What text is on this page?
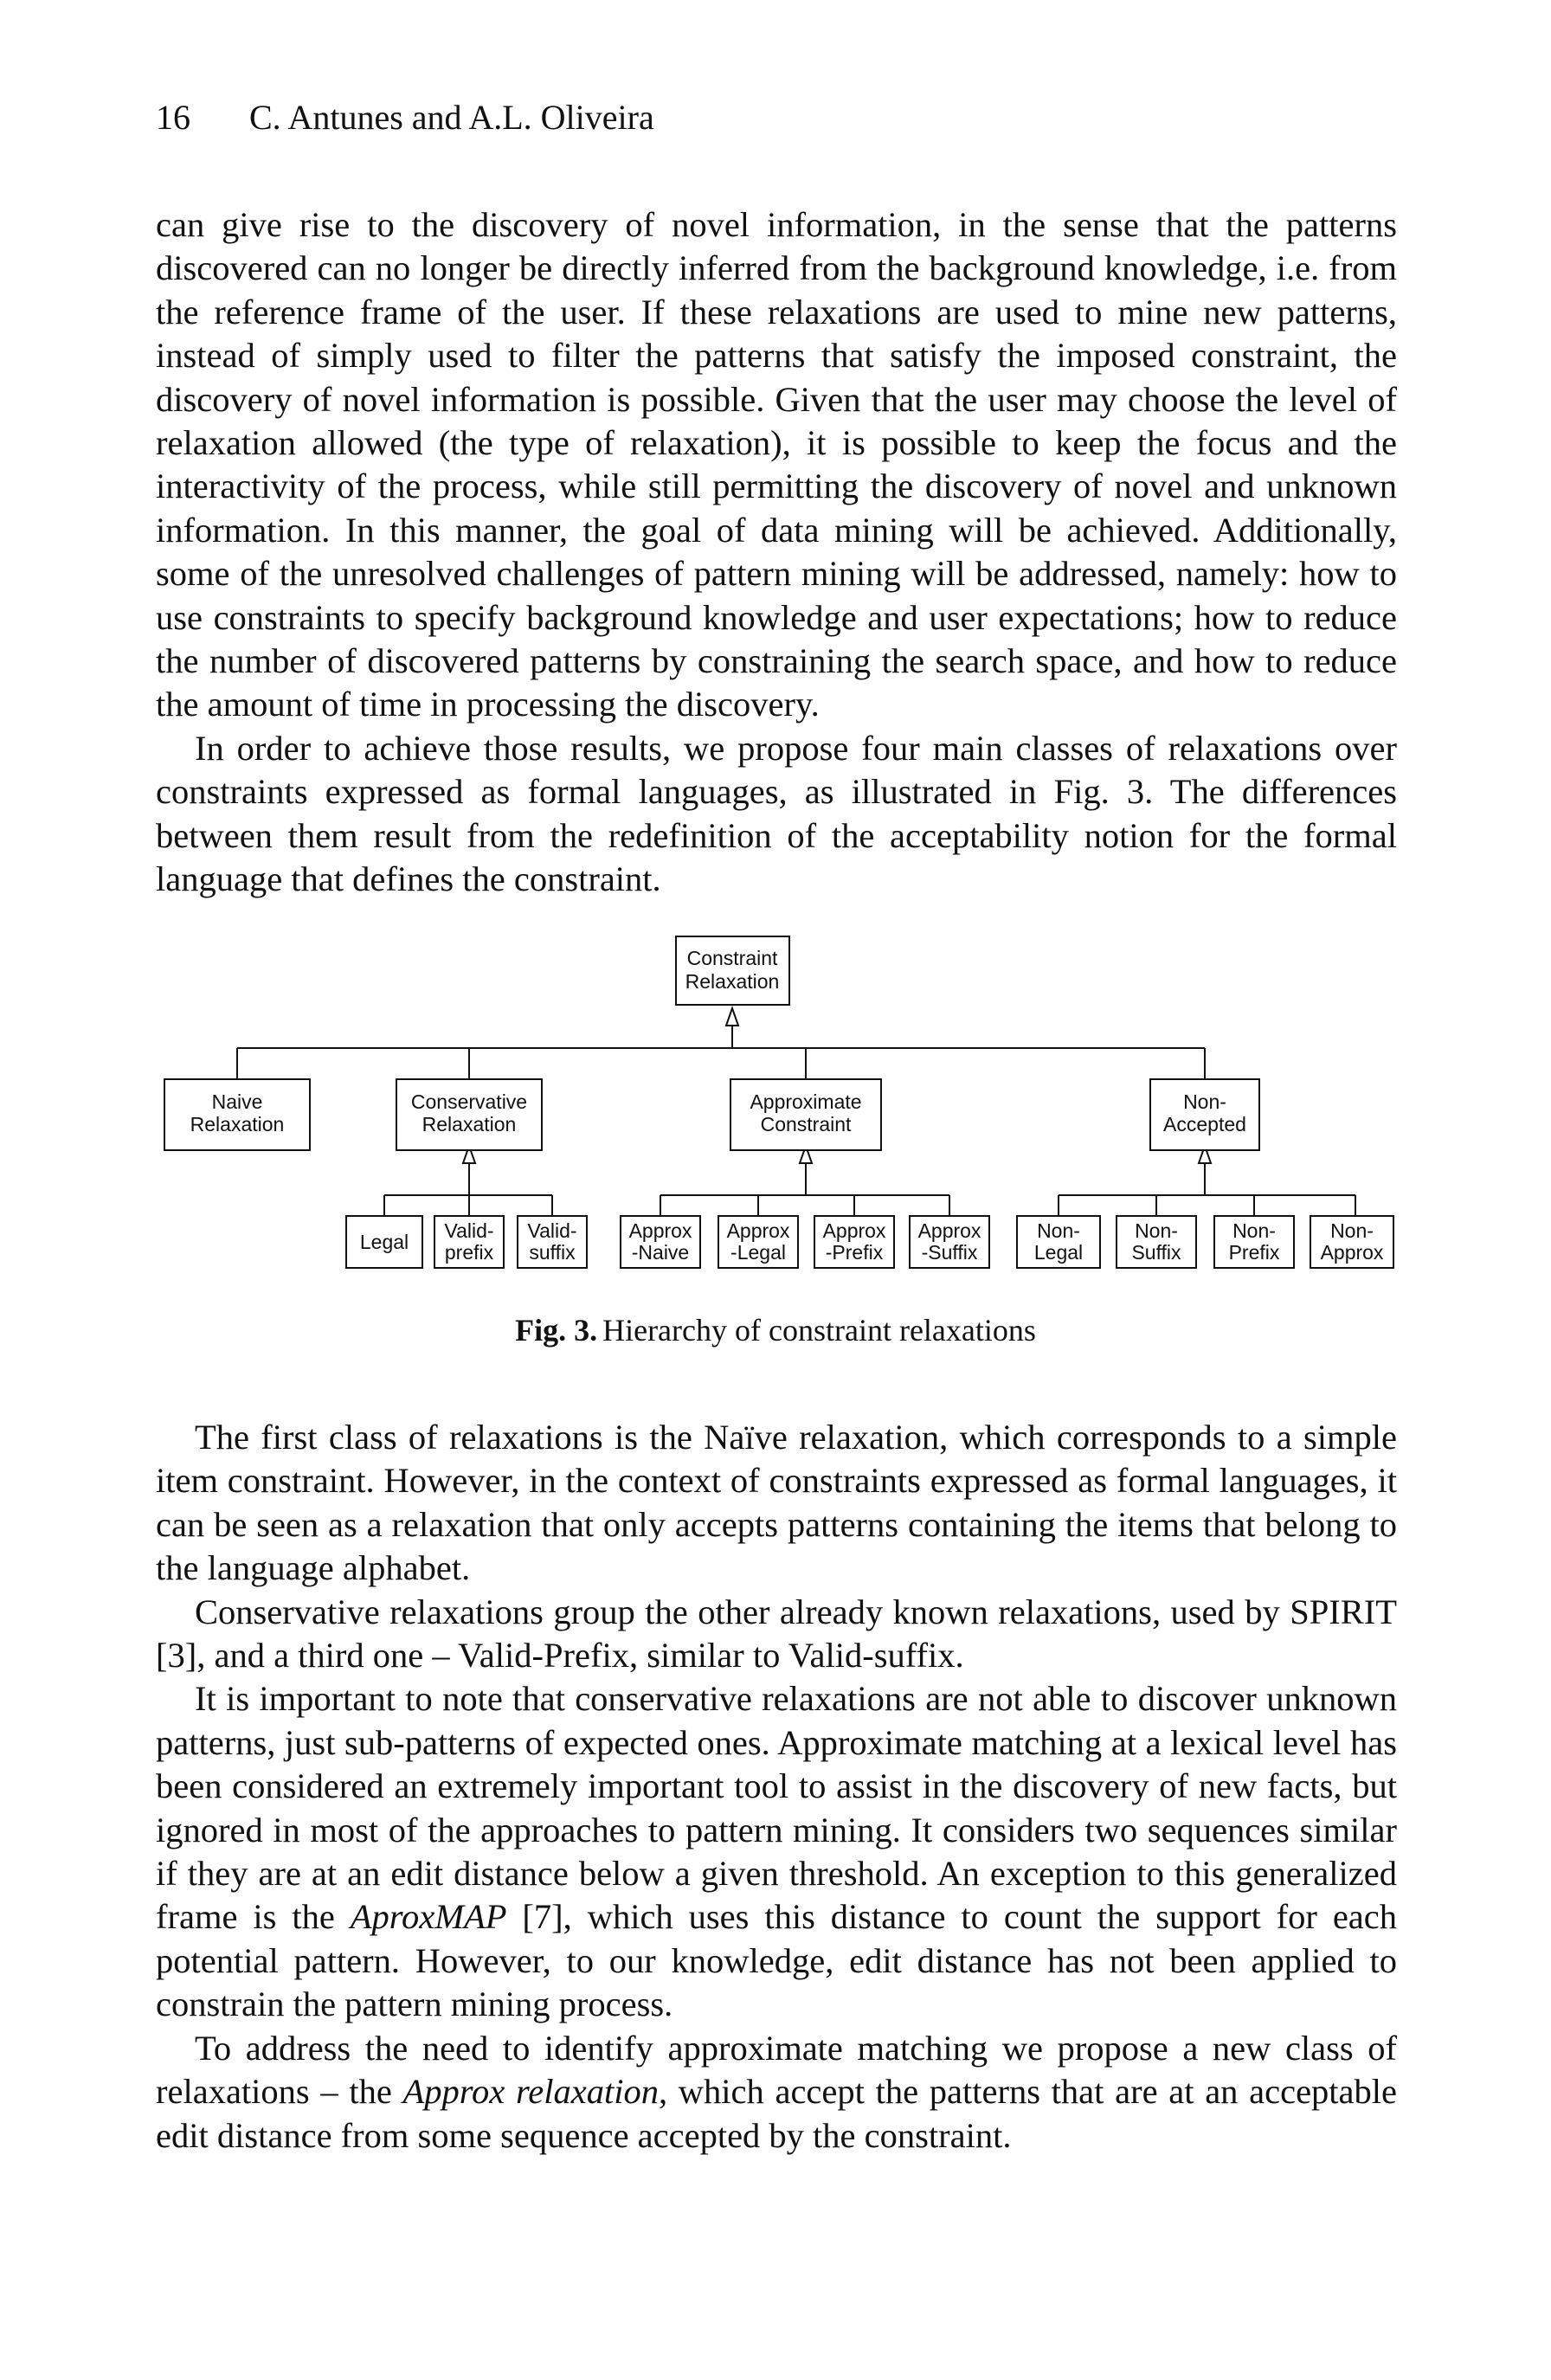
16 C. Antunes and A.L. Oliveira

can give rise to the discovery of novel information, in the sense that the patterns discovered can no longer be directly inferred from the background knowledge, i.e. from the reference frame of the user. If these relaxations are used to mine new patterns, instead of simply used to filter the patterns that satisfy the imposed constraint, the discovery of novel information is possible. Given that the user may choose the level of relaxation allowed (the type of relaxation), it is possible to keep the focus and the interactivity of the process, while still permitting the discovery of novel and unknown information. In this manner, the goal of data mining will be achieved. Additionally, some of the unresolved challenges of pattern mining will be addressed, namely: how to use constraints to specify background knowledge and user expectations; how to reduce the number of discovered patterns by constraining the search space, and how to reduce the amount of time in processing the discovery.

In order to achieve those results, we propose four main classes of relaxations over constraints expressed as formal languages, as illustrated in Fig. 3. The differences between them result from the redefinition of the acceptability notion for the formal language that defines the constraint.

Constraint
Relaxation
Naive
Relaxation
Conservative
Relaxation
Approximate
Constraint
Non-
Accepted
Legal Valid-
prefix
Valid-
suffix
Approx
-Naive
Approx
-Legal
Approx
-Prefix
Approx
-Suffix
Non-
Legal
Non-
Suffix
Non-
Prefix
Non-
Approx
Fig. 3. Hierarchy of constraint relaxations

The first class of relaxations is the Naïve relaxation, which corresponds to a simple item constraint. However, in the context of constraints expressed as formal languages, it can be seen as a relaxation that only accepts patterns containing the items that belong to the language alphabet.

Conservative relaxations group the other already known relaxations, used by SPIRIT [3], and a third one – Valid-Prefix, similar to Valid-suffix.

It is important to note that conservative relaxations are not able to discover unknown patterns, just sub-patterns of expected ones. Approximate matching at a lexical level has been considered an extremely important tool to assist in the discovery of new facts, but ignored in most of the approaches to pattern mining. It considers two sequences similar if they are at an edit distance below a given threshold. An exception to this generalized frame is the AproxMAP [7], which uses this distance to count the support for each potential pattern. However, to our knowledge, edit distance has not been applied to constrain the pattern mining process.

To address the need to identify approximate matching we propose a new class of relaxations – the Approx relaxation, which accept the patterns that are at an acceptable edit distance from some sequence accepted by the constraint.
